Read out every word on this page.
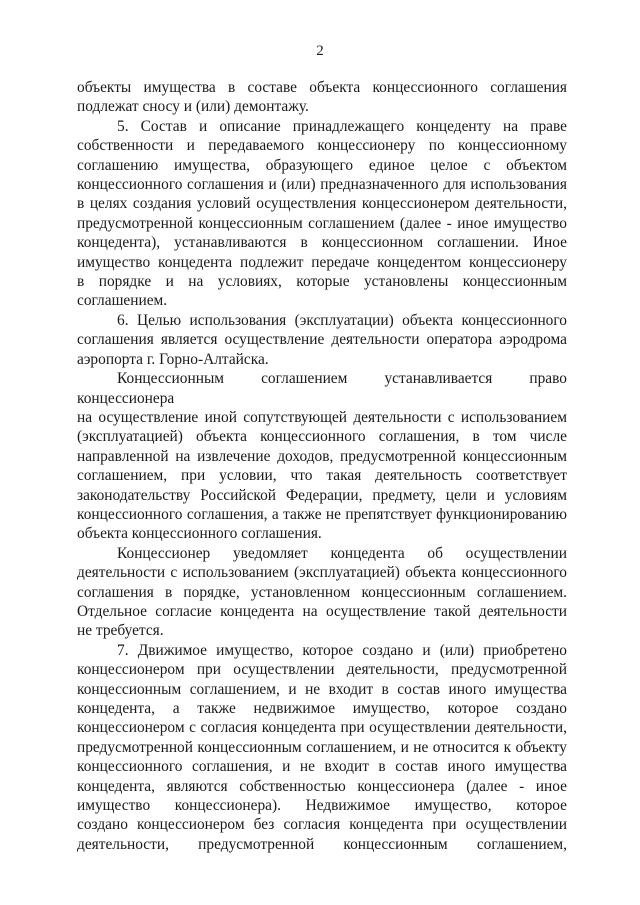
2

объекты имущества в составе объекта концессионного соглашения

подлежат сносу и (или) демонтажу.

5. Состав и описание принадлежащего концеденту на праве

собственности и передаваемого концессионеру по концессионному

соглашению имущества, образующего единое целое с объектом

концессионного соглашения и (или) предназначенного для использования

в целях создания условий осуществления концессионером деятельности,

предусмотренной концессионным соглашением (далее - иное имущество

концедента), устанавливаются в концессионном соглашении. Иное

имущество концедента подлежит передаче концедентом концессионеру

в порядке и на условиях, которые установлены концессионным

соглашением.

6. Целью использования (эксплуатации) объекта концессионного

соглашения является осуществление деятельности оператора аэродрома

аэропорта г. Горно-Алтайска.

Концессионным соглашением устанавливается право концессионера

на осуществление иной сопутствующей деятельности с использованием

(эксплуатацией) объекта концессионного соглашения, в том числе

направленной на извлечение доходов, предусмотренной концессионным

соглашением, при условии, что такая деятельность соответствует

законодательству Российской Федерации, предмету, цели и условиям

концессионного соглашения, а также не препятствует функционированию

объекта концессионного соглашения.

Концессионер уведомляет концедента об осуществлении

деятельности с использованием (эксплуатацией) объекта концессионного

соглашения в порядке, установленном концессионным соглашением.

Отдельное согласие концедента на осуществление такой деятельности

не требуется.

7. Движимое имущество, которое создано и (или) приобретено

концессионером при осуществлении деятельности, предусмотренной

концессионным соглашением, и не входит в состав иного имущества

концедента, а также недвижимое имущество, которое создано

концессионером с согласия концедента при осуществлении деятельности,

предусмотренной концессионным соглашением, и не относится к объекту

концессионного соглашения, и не входит в состав иного имущества

концедента, являются собственностью концессионера (далее - иное

имущество концессионера). Недвижимое имущество, которое

создано концессионером без согласия концедента при осуществлении

деятельности, предусмотренной концессионным соглашением,
